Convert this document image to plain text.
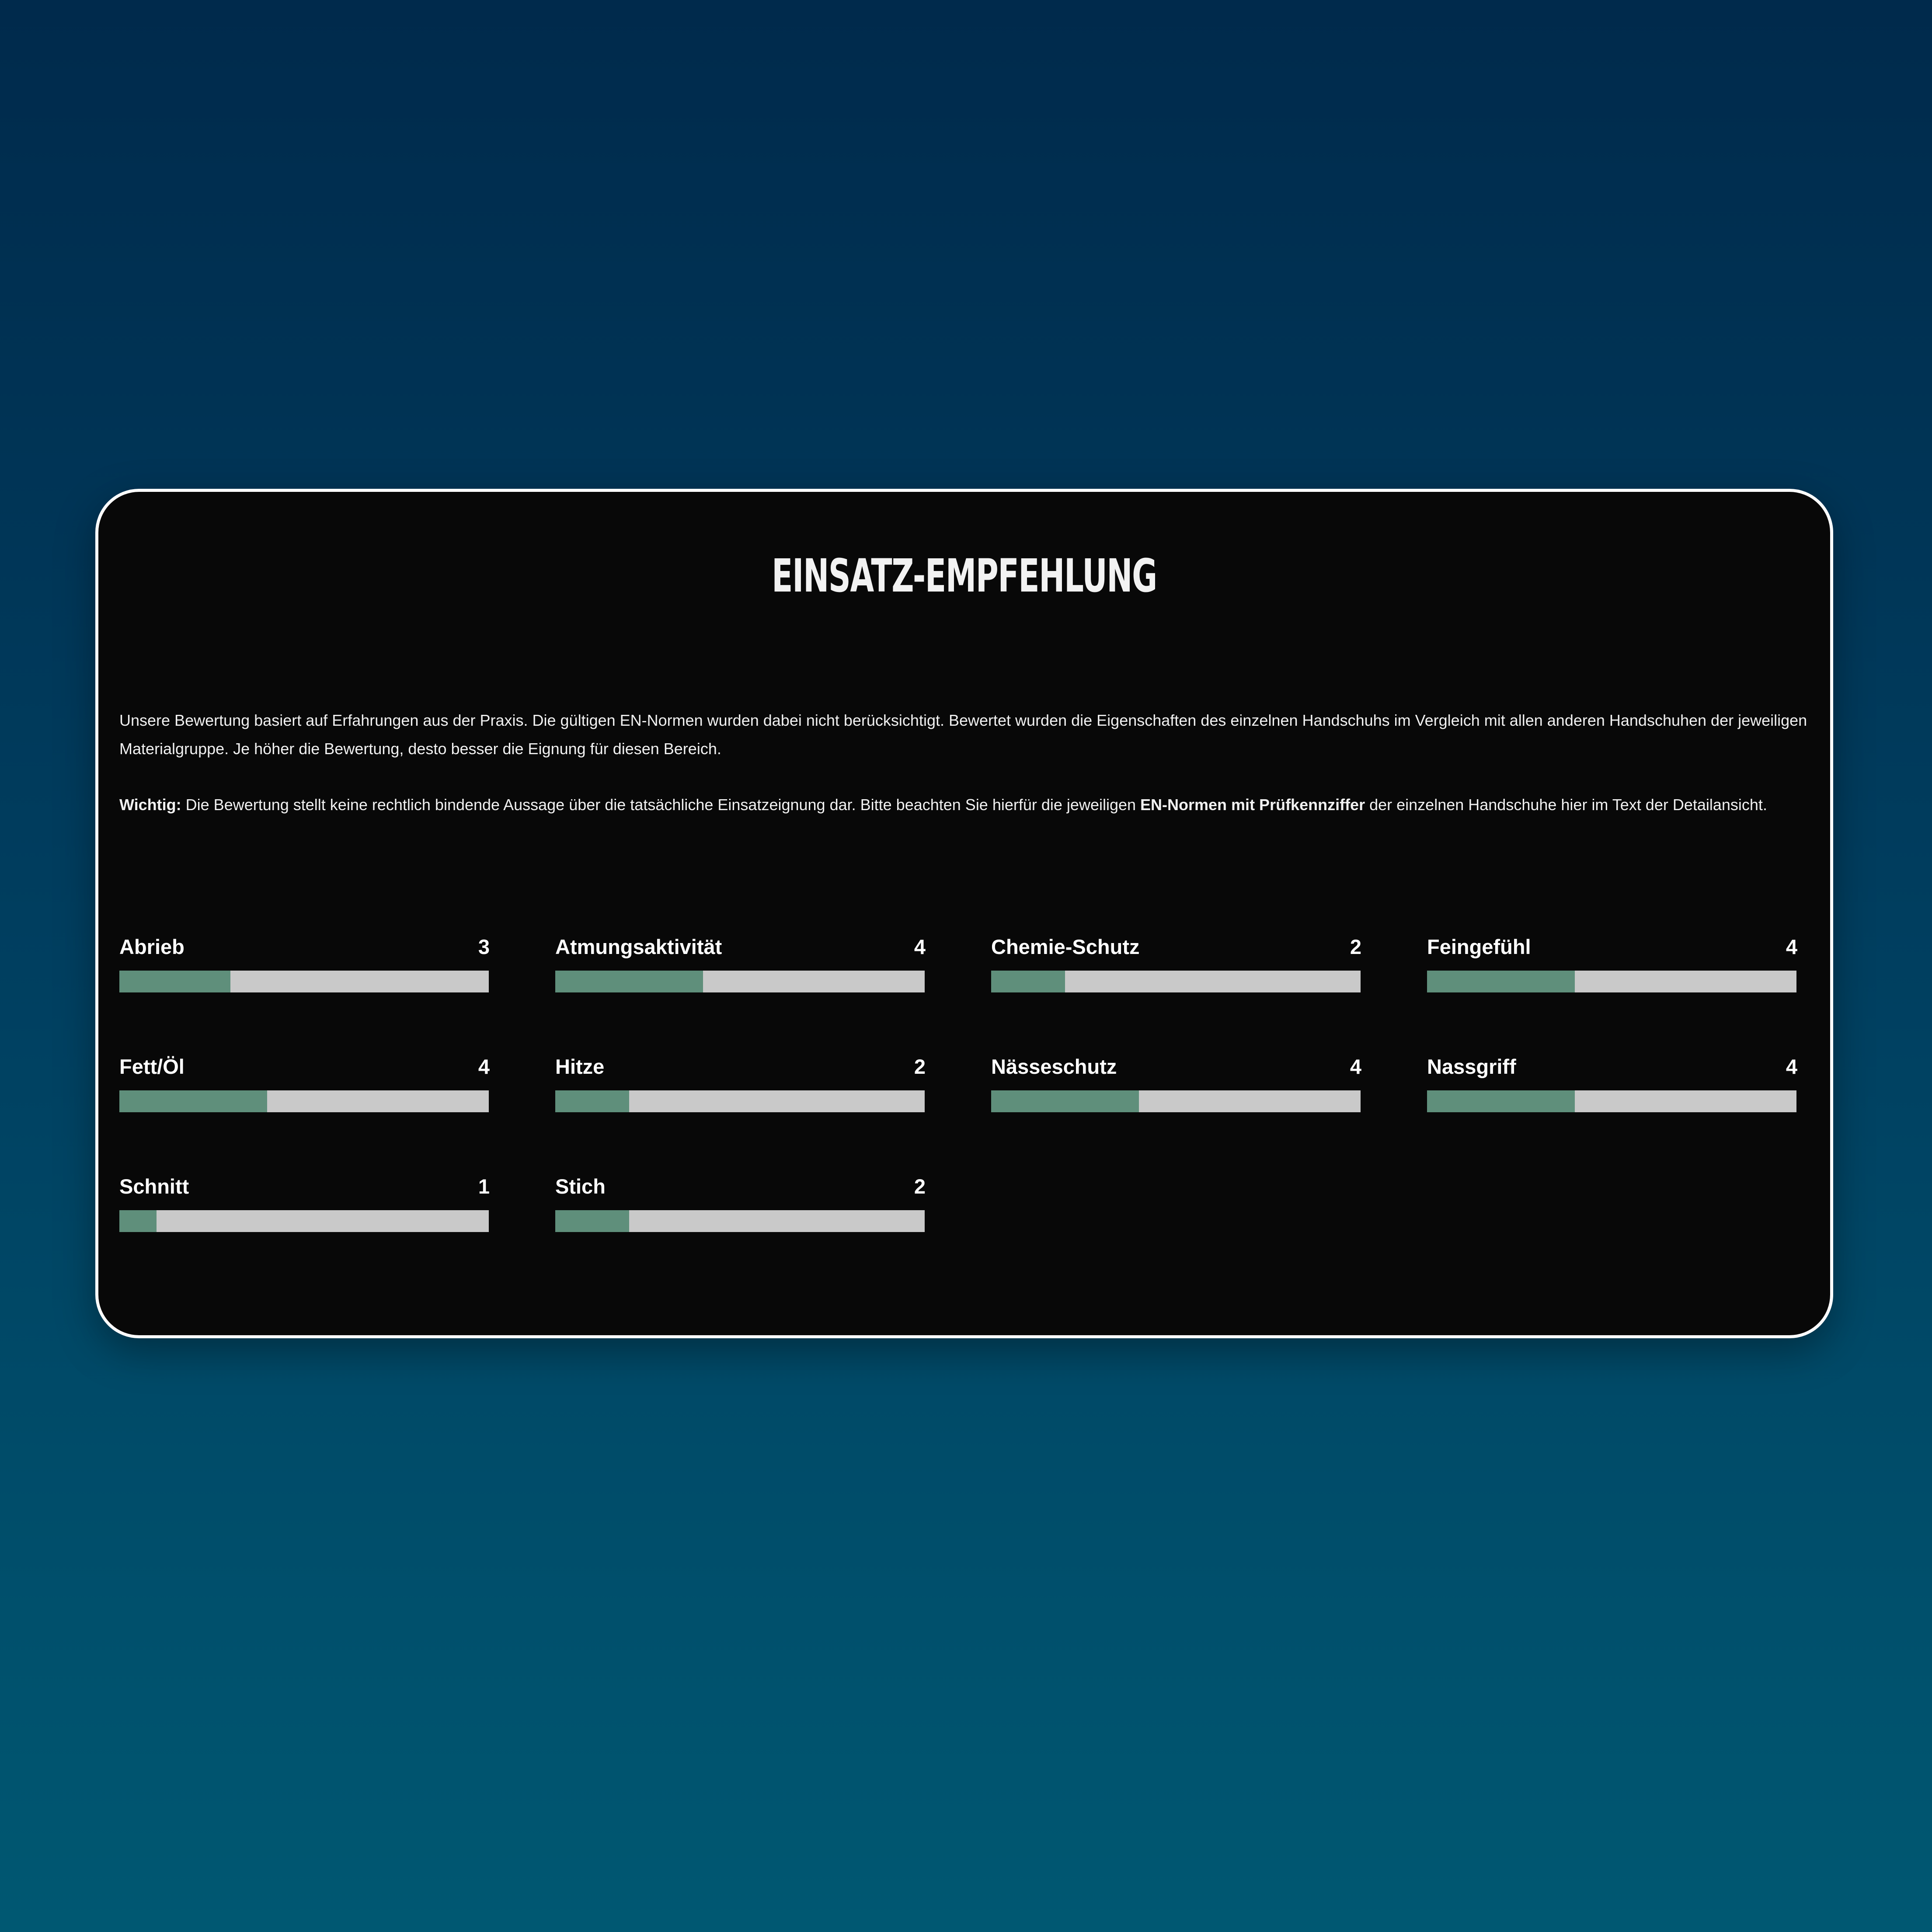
EINSATZ-EMPFEHLUNG

Unsere Bewertung basiert auf Erfahrungen aus der Praxis. Die gültigen EN-Normen wurden dabei nicht berücksichtigt. Bewertet wurden die Eigenschaften des einzelnen Handschuhs im Vergleich mit allen anderen Handschuhen der jeweiligen Materialgruppe. Je höher die Bewertung, desto besser die Eignung für diesen Bereich.

Wichtig: Die Bewertung stellt keine rechtlich bindende Aussage über die tatsächliche Einsatzeignung dar. Bitte beachten Sie hierfür die jeweiligen EN-Normen mit Prüfkennziffer der einzelnen Handschuhe hier im Text der Detailansicht.

Abrieb	3	Atmungsaktivität	4	Chemie-Schutz	2	Feingefühl	4
Fett/Öl	4	Hitze	2	Nässeschutz	4	Nassgriff	4
Schnitt	1	Stich	2
